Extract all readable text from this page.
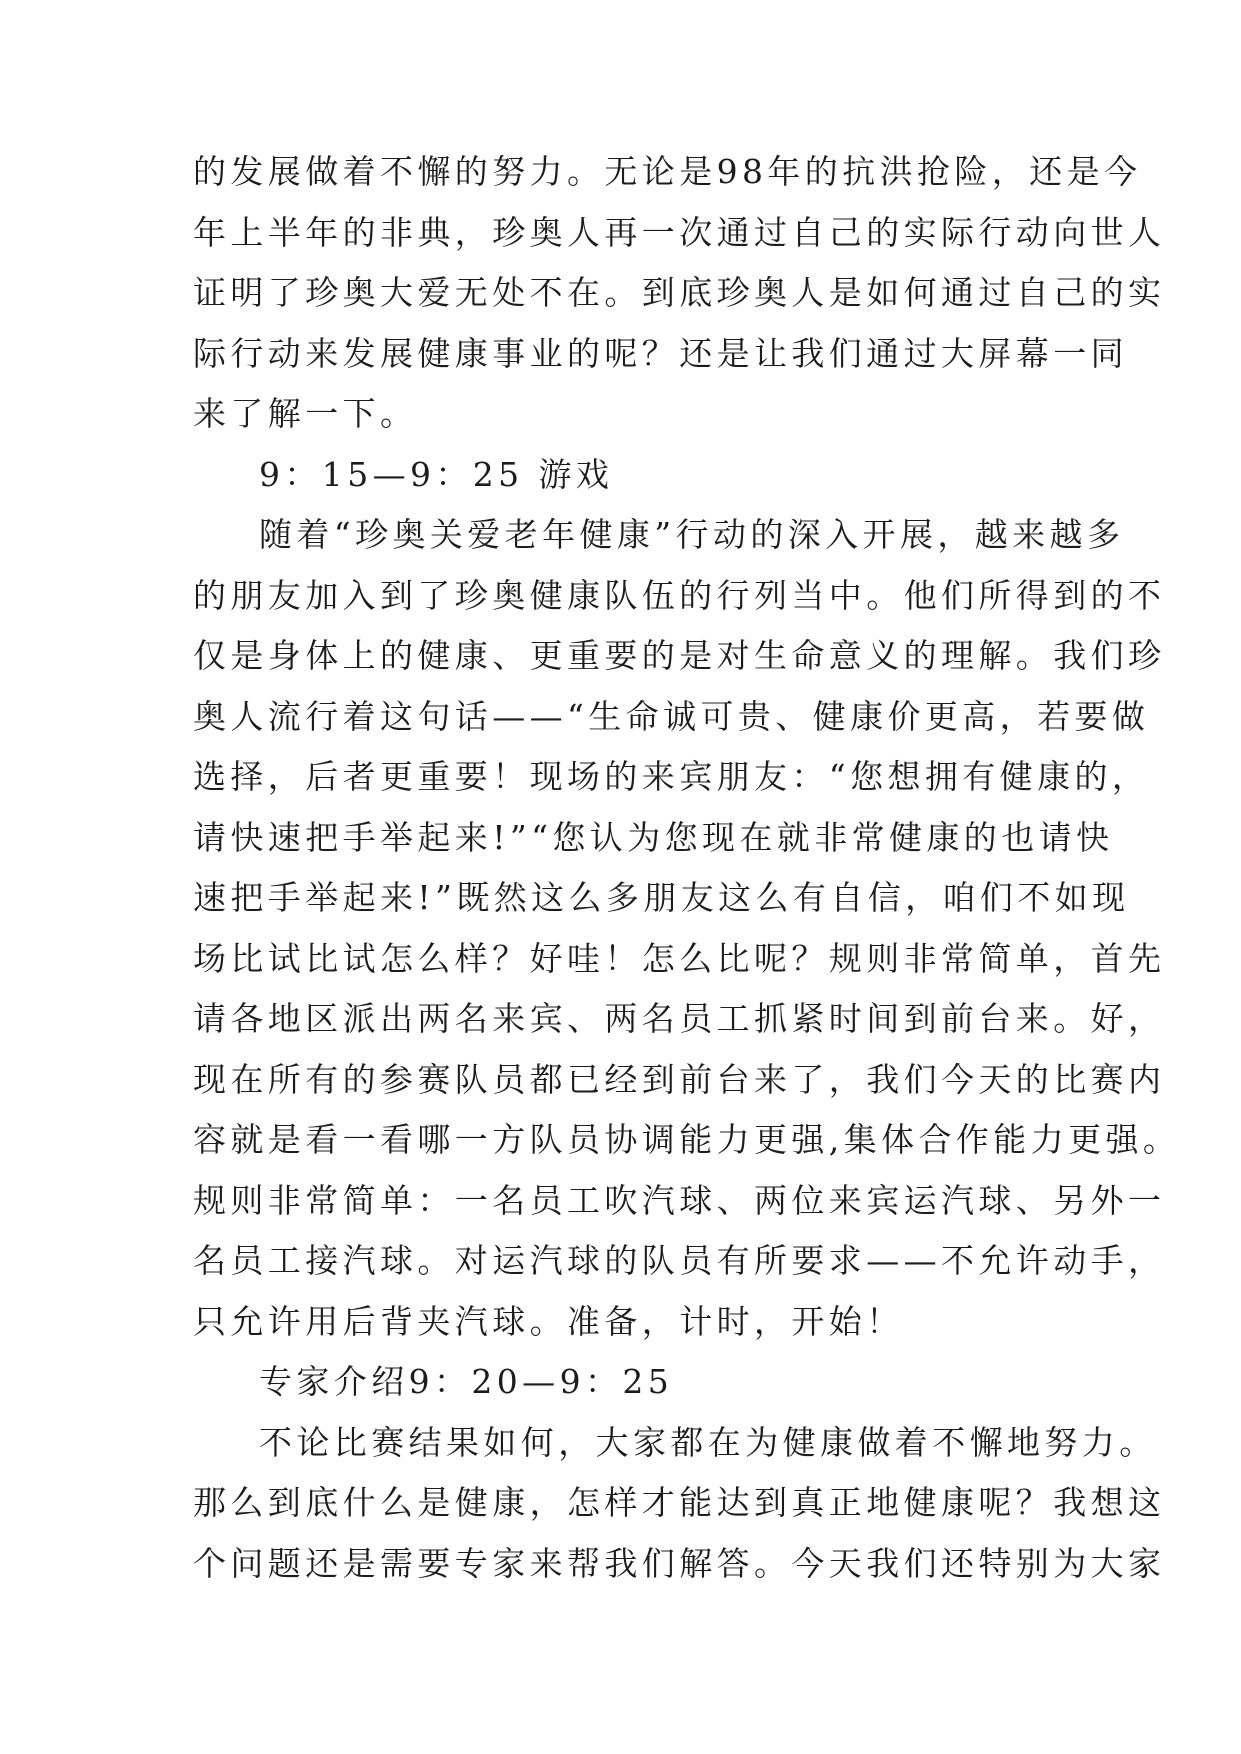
的发展做着不懈的努力。无论是98年的抗洪抢险，还是今
年上半年的非典，珍奥人再一次通过自己的实际行动向世人
证明了珍奥大爱无处不在。到底珍奥人是如何通过自己的实
际行动来发展健康事业的呢？还是让我们通过大屏幕一同
来了解一下。
9：15—9：25 游戏
随着“珍奥关爱老年健康”行动的深入开展，越来越多
的朋友加入到了珍奥健康队伍的行列当中。他们所得到的不
仅是身体上的健康、更重要的是对生命意义的理解。我们珍
奥人流行着这句话——“生命诚可贵、健康价更高，若要做
选择，后者更重要！现场的来宾朋友：“您想拥有健康的，
请快速把手举起来!”“您认为您现在就非常健康的也请快
速把手举起来!”既然这么多朋友这么有自信，咱们不如现
场比试比试怎么样？好哇！怎么比呢？规则非常简单，首先
请各地区派出两名来宾、两名员工抓紧时间到前台来。好，
现在所有的参赛队员都已经到前台来了，我们今天的比赛内
容就是看一看哪一方队员协调能力更强,集体合作能力更强。
规则非常简单：一名员工吹汽球、两位来宾运汽球、另外一
名员工接汽球。对运汽球的队员有所要求——不允许动手，
只允许用后背夹汽球。准备，计时，开始！
专家介绍9：20—9：25
不论比赛结果如何，大家都在为健康做着不懈地努力。
那么到底什么是健康，怎样才能达到真正地健康呢？我想这
个问题还是需要专家来帮我们解答。今天我们还特别为大家
